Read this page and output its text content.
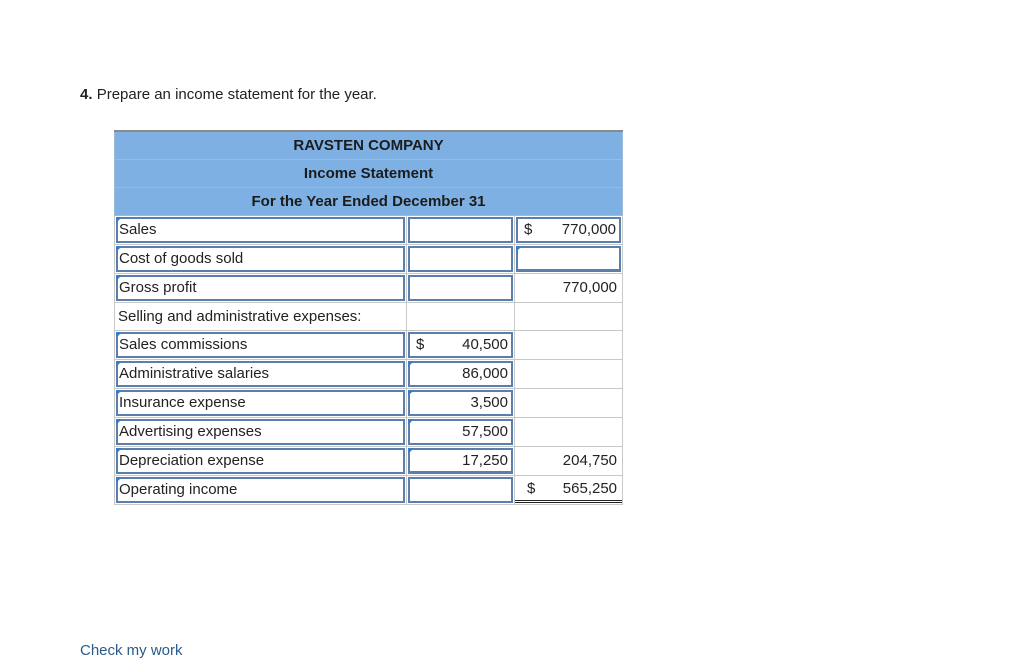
4. Prepare an income statement for the year.

RAVSTEN COMPANY		
Income Statement		
For the Year Ended December 31		

Sales		$ 770,000

Cost of goods sold		

Gross profit		770,000

Selling and administrative expenses:		

Sales commissions	$ 40,500	

Administrative salaries	86,000	

Insurance expense	3,500	

Advertising expenses	57,500	

Depreciation expense	17,250	204,750

Operating income		$ 565,250
Check my work
